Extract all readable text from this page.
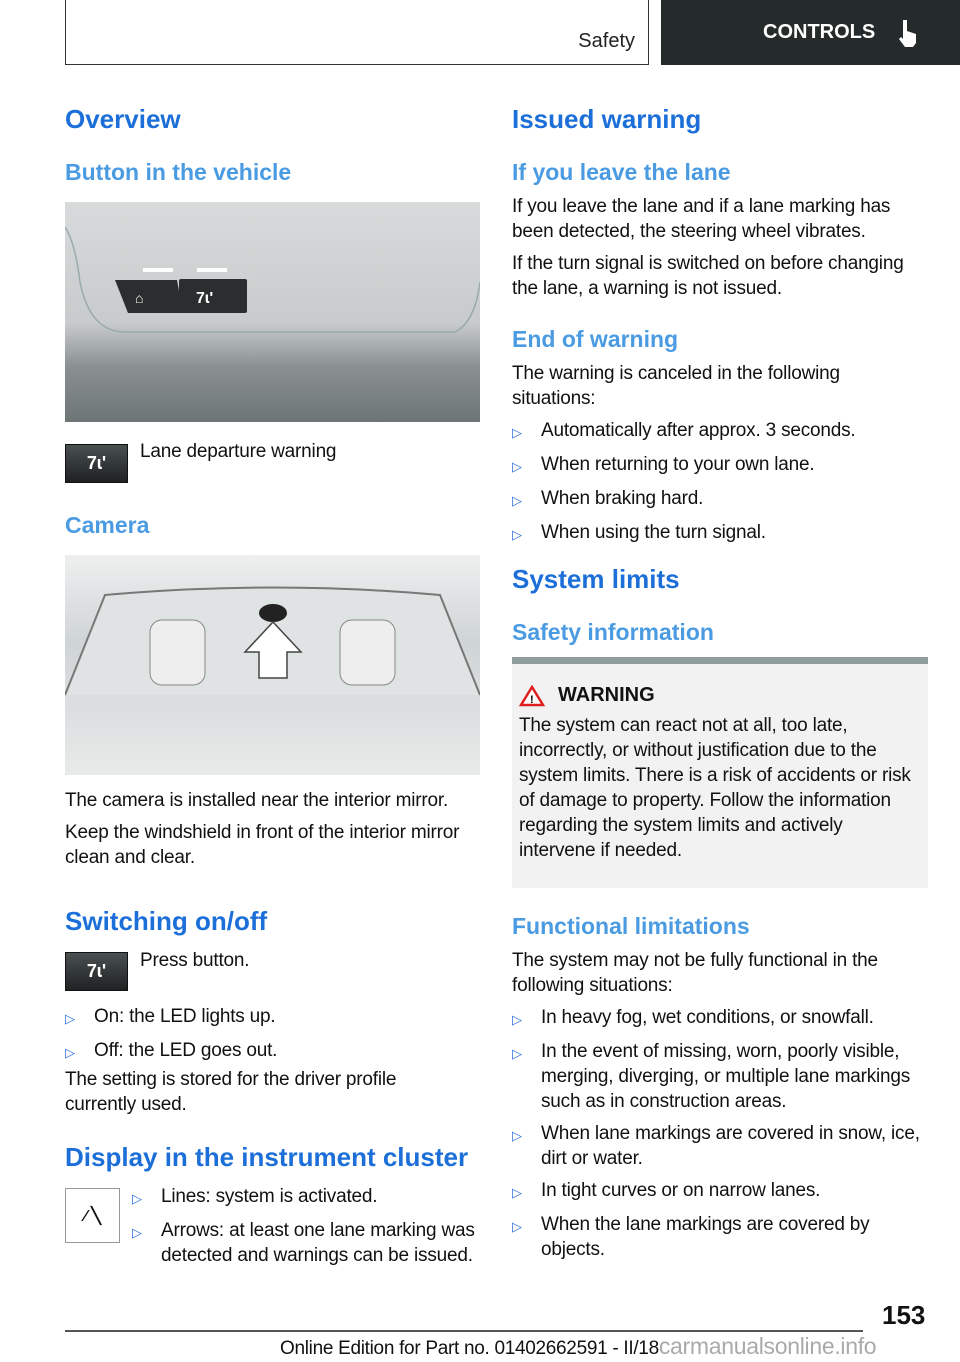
Safety	CONTROLS
Overview
Button in the vehicle
⌂	7ɩ'
7ɩ'
Lane departure warning
Camera
The camera is installed near the interior mirror.
Keep the windshield in front of the interior mirror clean and clear.
Switching on/off
7ɩ' Press button.
▷	On: the LED lights up.
▷	Off: the LED goes out.
The setting is stored for the driver profile currently used.
Display in the instrument cluster
⁄ ╲
▷	Lines: system is activated.
▷	Arrows: at least one lane marking was detected and warnings can be issued.
Issued warning
If you leave the lane
If you leave the lane and if a lane marking has been detected, the steering wheel vibrates.
If the turn signal is switched on before changing the lane, a warning is not issued.
End of warning
The warning is canceled in the following situations:
▷	Automatically after approx. 3 seconds.
▷	When returning to your own lane.
▷	When braking hard.
▷	When using the turn signal.
System limits
Safety information
! WARNING
The system can react not at all, too late, incorrectly, or without justification due to the system limits. There is a risk of accidents or risk of damage to property. Follow the information regarding the system limits and actively intervene if needed.
Functional limitations
The system may not be fully functional in the following situations:
▷	In heavy fog, wet conditions, or snowfall.
▷	In the event of missing, worn, poorly visible, merging, diverging, or multiple lane markings such as in construction areas.
▷	When lane markings are covered in snow, ice, dirt or water.
▷	In tight curves or on narrow lanes.
▷	When the lane markings are covered by objects.
153
Online Edition for Part no. 01402662591 - II/18carmanualsonline.info
